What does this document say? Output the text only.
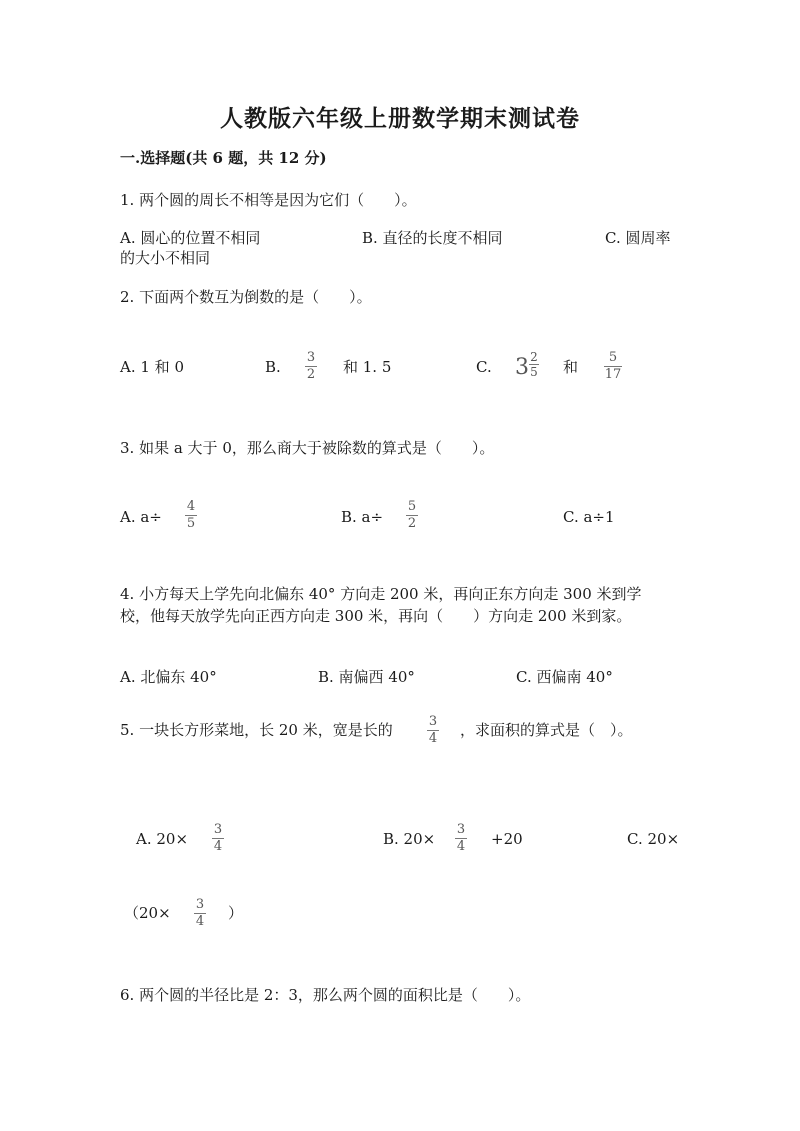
人教版六年级上册数学期末测试卷
一.选择题(共 6 题，共 12 分)
1. 两个圆的周长不相等是因为它们（　　）。
A. 圆心的位置不相同	B. 直径的长度不相同	C. 圆周率
的大小不相同
2. 下面两个数互为倒数的是（　　）。
A. 1 和 0	B.
3
2 和 1. 5	C. 3 2
5 和
5
17
3. 如果 a 大于 0，那么商大于被除数的算式是（　　）。
A. a÷
4
5	B. a÷
5
2	C. a÷1
4. 小方每天上学先向北偏东 40° 方向走 200 米，再向正东方向走 300 米到学
校，他每天放学先向正西方向走 300 米，再向（　　）方向走 200 米到家。
A. 北偏东 40°	B. 南偏西 40°	C. 西偏南 40°
5. 一块长方形菜地，长 20 米，宽是长的	3
4 ，求面积的算式是（　）。
A. 20×
3
4	B. 20×
3
4 +20	C. 20×
（20× 3
4 ）
6. 两个圆的半径比是 2：3，那么两个圆的面积比是（　　）。
